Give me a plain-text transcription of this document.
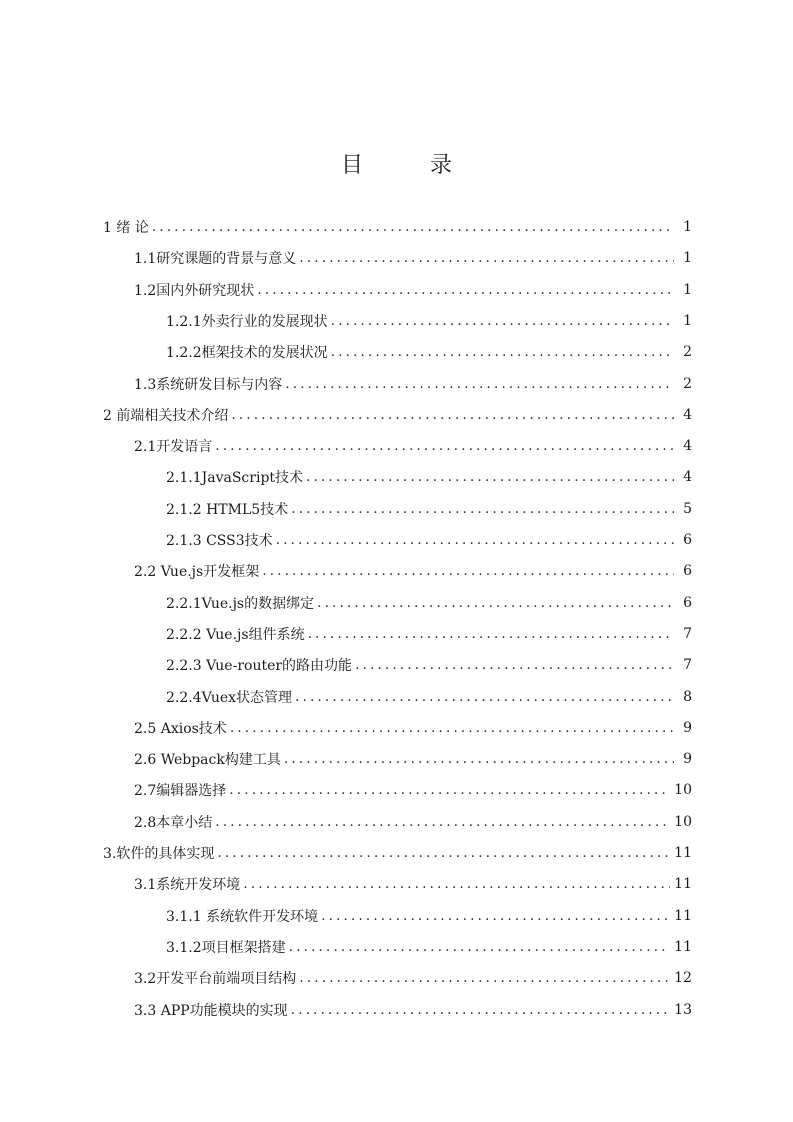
目 录
1 绪 论 .....	1
1.1研究课题的背景与意义 .....	1
1.2国内外研究现状 .....	1
1.2.1外卖行业的发展现状 .....	1
1.2.2框架技术的发展状况 .....	2
1.3系统研发目标与内容 .....	2
2 前端相关技术介绍 .....	4
2.1开发语言 .....	4
2.1.1JavaScript技术 .....	4
2.1.2 HTML5技术 .....	5
2.1.3 CSS3技术 .....	6
2.2 Vue.js开发框架 .....	6
2.2.1Vue.js的数据绑定 .....	6
2.2.2 Vue.js组件系统 .....	7
2.2.3 Vue-router的路由功能 .....	7
2.2.4Vuex状态管理 .....	8
2.5 Axios技术 .....	9
2.6 Webpack构建工具 .....	9
2.7编辑器选择 .....	10
2.8本章小结 .....	10
3.软件的具体实现 .....	11
3.1系统开发环境 .....	11
3.1.1 系统软件开发环境 .....	11
3.1.2项目框架搭建 .....	11
3.2开发平台前端项目结构 .....	12
3.3 APP功能模块的实现 .....	13
